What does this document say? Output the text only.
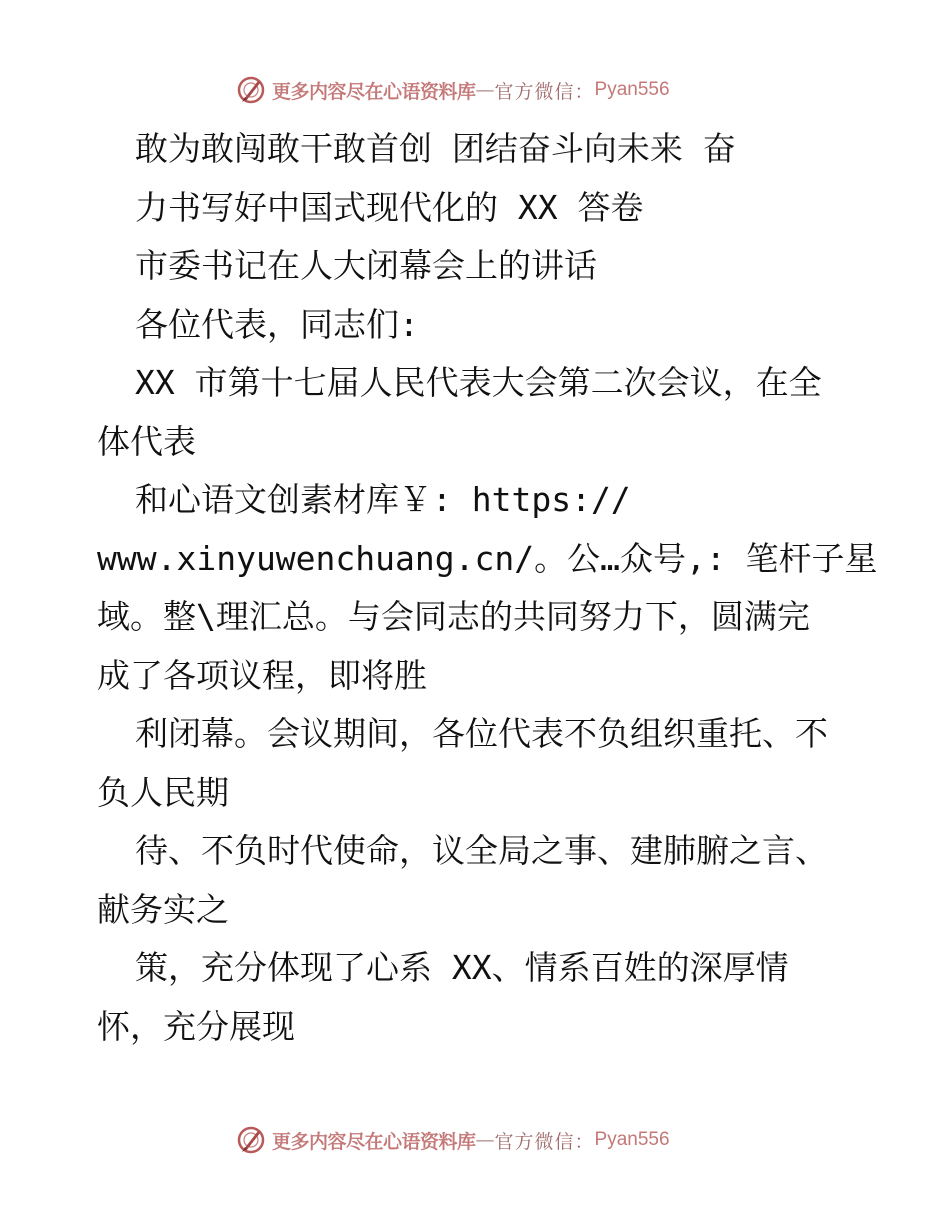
更多内容尽在心语资料库 — 官方微信： Pyan556
敢为敢闯敢干敢首创 团结奋斗向未来 奋
力书写好中国式现代化的 XX 答卷
市委书记在人大闭幕会上的讲话
各位代表，同志们:
XX 市第十七届人民代表大会第二次会议，在全
体代表
和心语文创素材库￥: https://
www.xinyuwenchuang.cn/。公…众号,: 笔杆子星
域。整\理汇总。与会同志的共同努力下，圆满完
成了各项议程，即将胜
利闭幕。会议期间，各位代表不负组织重托、不
负人民期
待、不负时代使命，议全局之事、建肺腑之言、
献务实之
策，充分体现了心系 XX、情系百姓的深厚情
怀，充分展现
更多内容尽在心语资料库 — 官方微信： Pyan556
